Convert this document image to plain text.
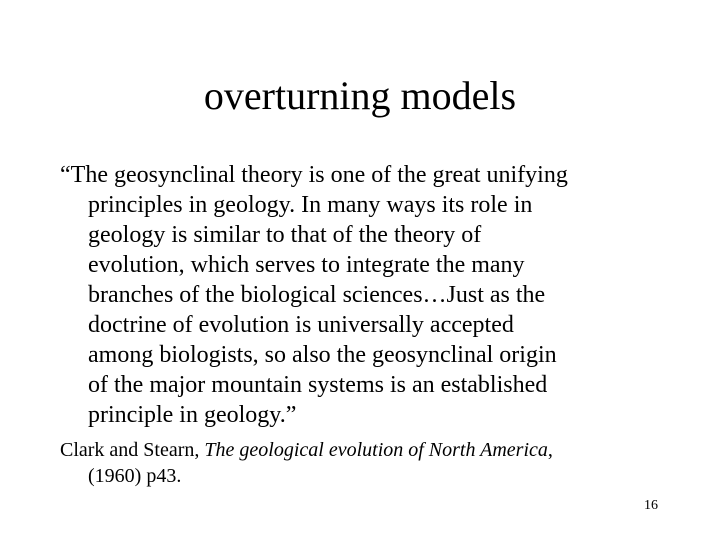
overturning models
“The geosynclinal theory is one of the great unifying
principles in geology. In many ways its role in
geology is similar to that of the theory of
evolution, which serves to integrate the many
branches of the biological sciences…Just as the
doctrine of evolution is universally accepted
among biologists, so also the geosynclinal origin
of the major mountain systems is an established
principle in geology.”
Clark and Stearn, The geological evolution of North America,
(1960) p43.
16
